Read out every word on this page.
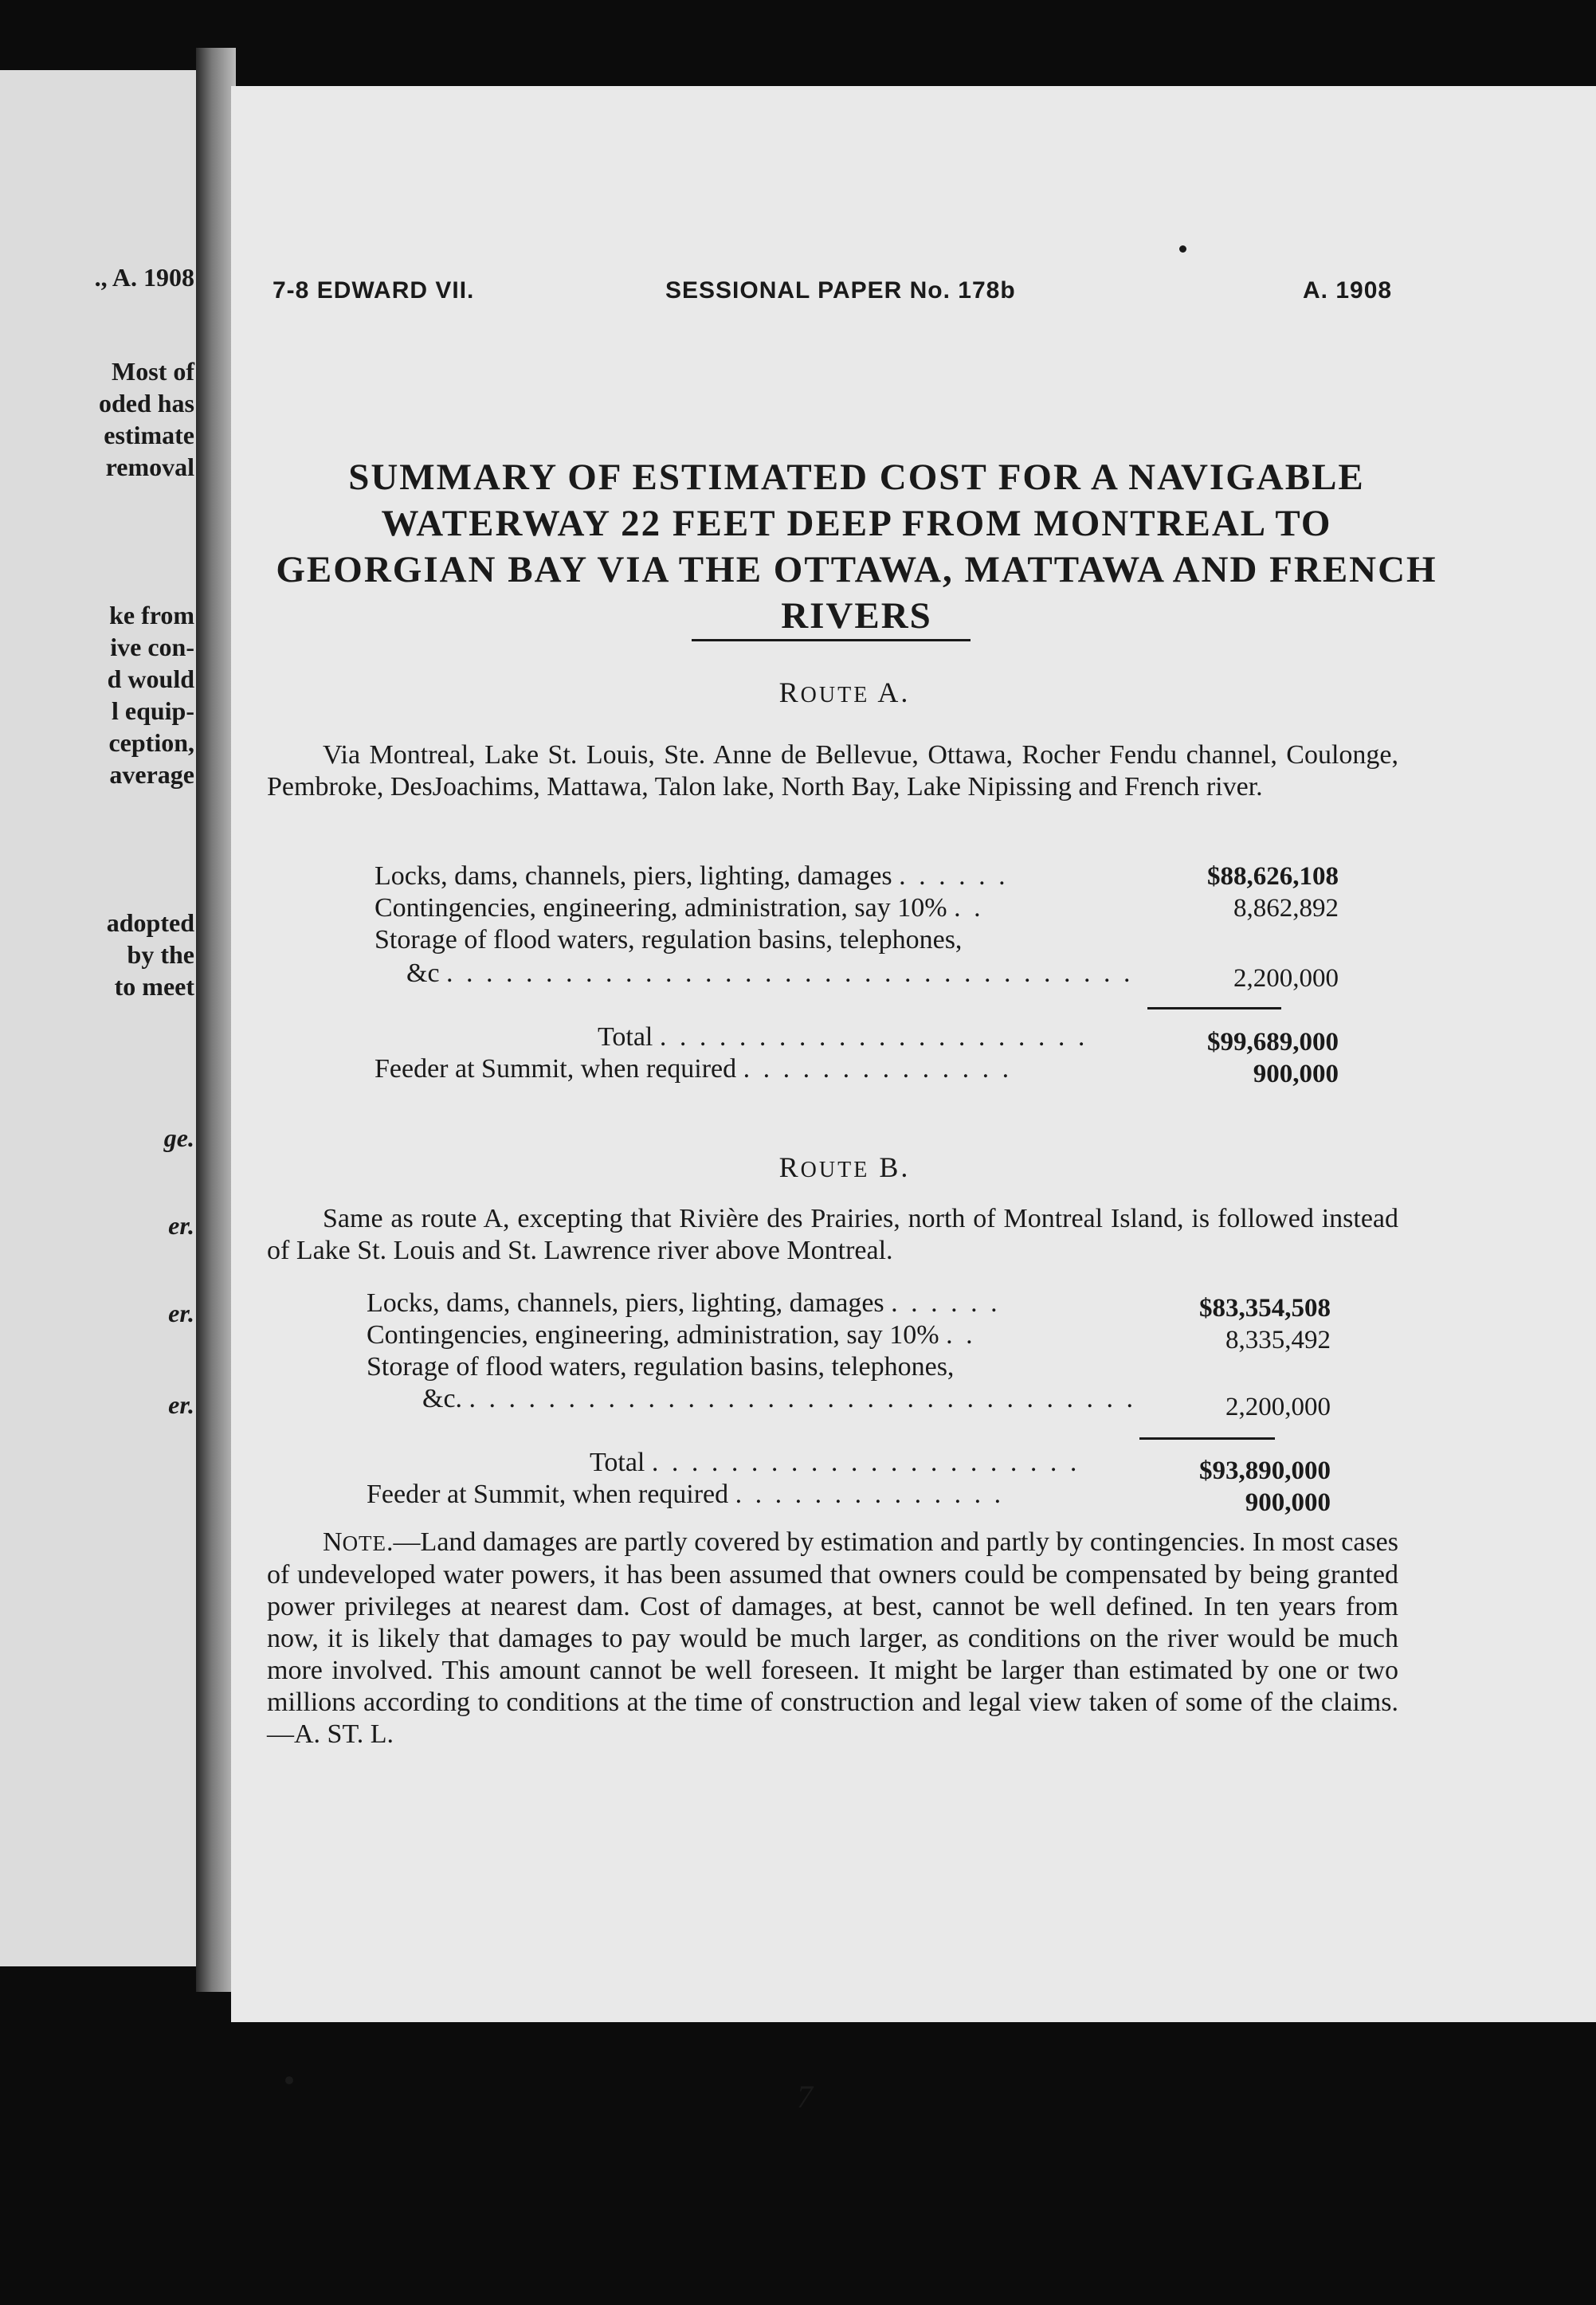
., A. 1908
Most of
oded has
estimate
removal
ke from
ive con-
d would
l equip-
ception,
average
adopted
by the
to meet
ge.
er.
er.
er.
7-8 EDWARD VII.	SESSIONAL PAPER No. 178b	A. 1908
SUMMARY OF ESTIMATED COST FOR A NAVIGABLE WATERWAY 22 FEET DEEP FROM MONTREAL TO GEORGIAN BAY VIA THE OTTAWA, MATTAWA AND FRENCH RIVERS
ROUTE A.
Via Montreal, Lake St. Louis, Ste. Anne de Bellevue, Ottawa, Rocher Fendu channel, Coulonge, Pembroke, DesJoachims, Mattawa, Talon lake, North Bay, Lake Nipissing and French river.
Locks, dams, channels, piers, lighting, damages . . . . . .	$88,626,108
Contingencies, engineering, administration, say 10% . .	8,862,892
Storage of flood waters, regulation basins, telephones,
&c . . . . . . . . . . . . . . . . . . . . . . . . . . . . . . . . . . .	2,200,000
Total . . . . . . . . . . . . . . . . . . . . . .	$99,689,000
Feeder at Summit, when required . . . . . . . . . . . . . .	900,000
ROUTE B.
Same as route A, excepting that Rivière des Prairies, north of Montreal Island, is followed instead of Lake St. Louis and St. Lawrence river above Montreal.
Locks, dams, channels, piers, lighting, damages . . . . . .	$83,354,508
Contingencies, engineering, administration, say 10% . .	8,335,492
Storage of flood waters, regulation basins, telephones,
&c. . . . . . . . . . . . . . . . . . . . . . . . . . . . . . . . . . .	2,200,000
Total . . . . . . . . . . . . . . . . . . . . . .	$93,890,000
Feeder at Summit, when required . . . . . . . . . . . . . .	900,000
NOTE.—Land damages are partly covered by estimation and partly by contingencies. In most cases of undeveloped water powers, it has been assumed that owners could be compensated by being granted power privileges at nearest dam. Cost of damages, at best, cannot be well defined. In ten years from now, it is likely that damages to pay would be much larger, as conditions on the river would be much more involved. This amount cannot be well foreseen. It might be larger than estimated by one or two millions according to conditions at the time of construction and legal view taken of some of the claims.—A. ST. L.
7
